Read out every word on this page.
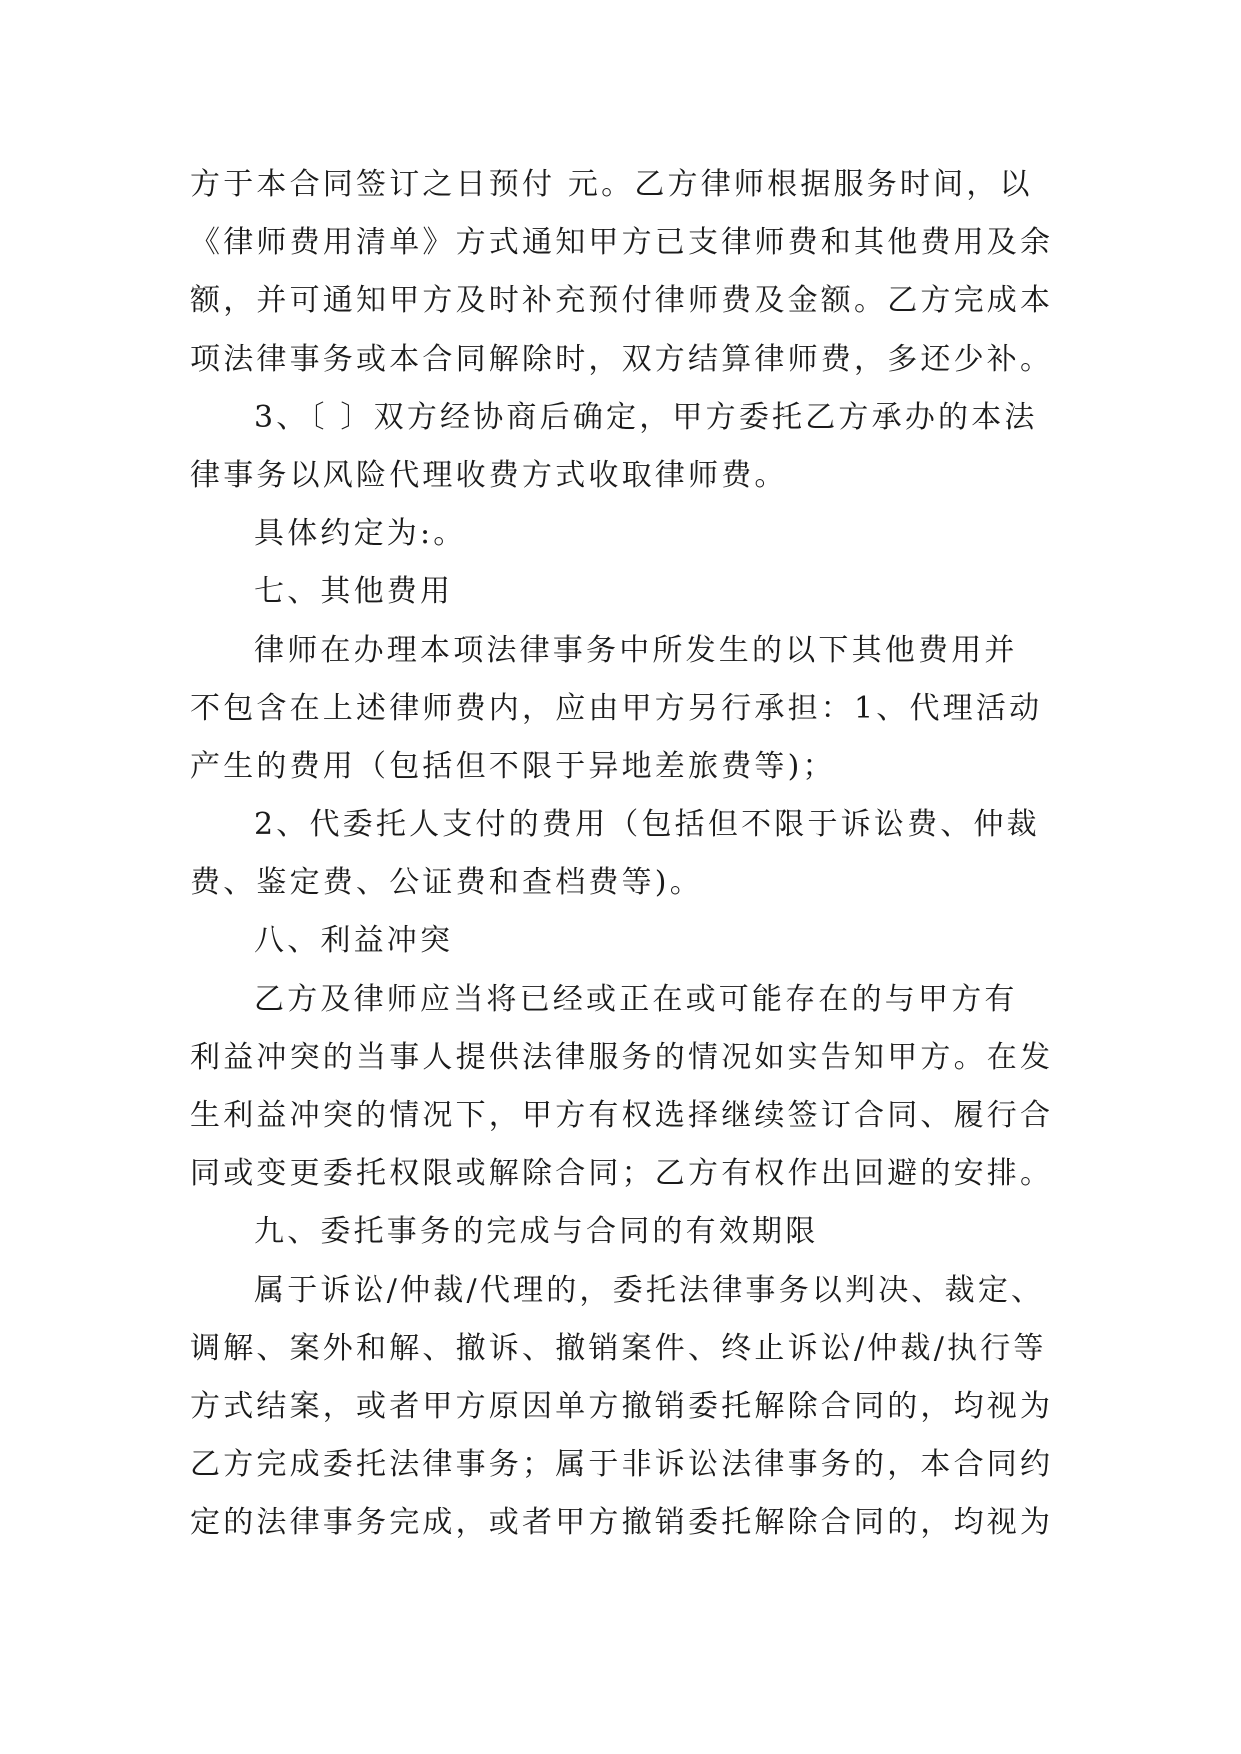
方于本合同签订之日预付 元。乙方律师根据服务时间，以
《律师费用清单》方式通知甲方已支律师费和其他费用及余
额，并可通知甲方及时补充预付律师费及金额。乙方完成本
项法律事务或本合同解除时，双方结算律师费，多还少补。
3、〔 〕双方经协商后确定，甲方委托乙方承办的本法
律事务以风险代理收费方式收取律师费。
具体约定为:。
七、其他费用
律师在办理本项法律事务中所发生的以下其他费用并
不包含在上述律师费内，应由甲方另行承担：1、代理活动
产生的费用（包括但不限于异地差旅费等)；
2、代委托人支付的费用（包括但不限于诉讼费、仲裁
费、鉴定费、公证费和查档费等)。
八、利益冲突
乙方及律师应当将已经或正在或可能存在的与甲方有
利益冲突的当事人提供法律服务的情况如实告知甲方。在发
生利益冲突的情况下，甲方有权选择继续签订合同、履行合
同或变更委托权限或解除合同；乙方有权作出回避的安排。
九、委托事务的完成与合同的有效期限
属于诉讼/仲裁/代理的，委托法律事务以判决、裁定、
调解、案外和解、撤诉、撤销案件、终止诉讼/仲裁/执行等
方式结案，或者甲方原因单方撤销委托解除合同的，均视为
乙方完成委托法律事务；属于非诉讼法律事务的，本合同约
定的法律事务完成，或者甲方撤销委托解除合同的，均视为
